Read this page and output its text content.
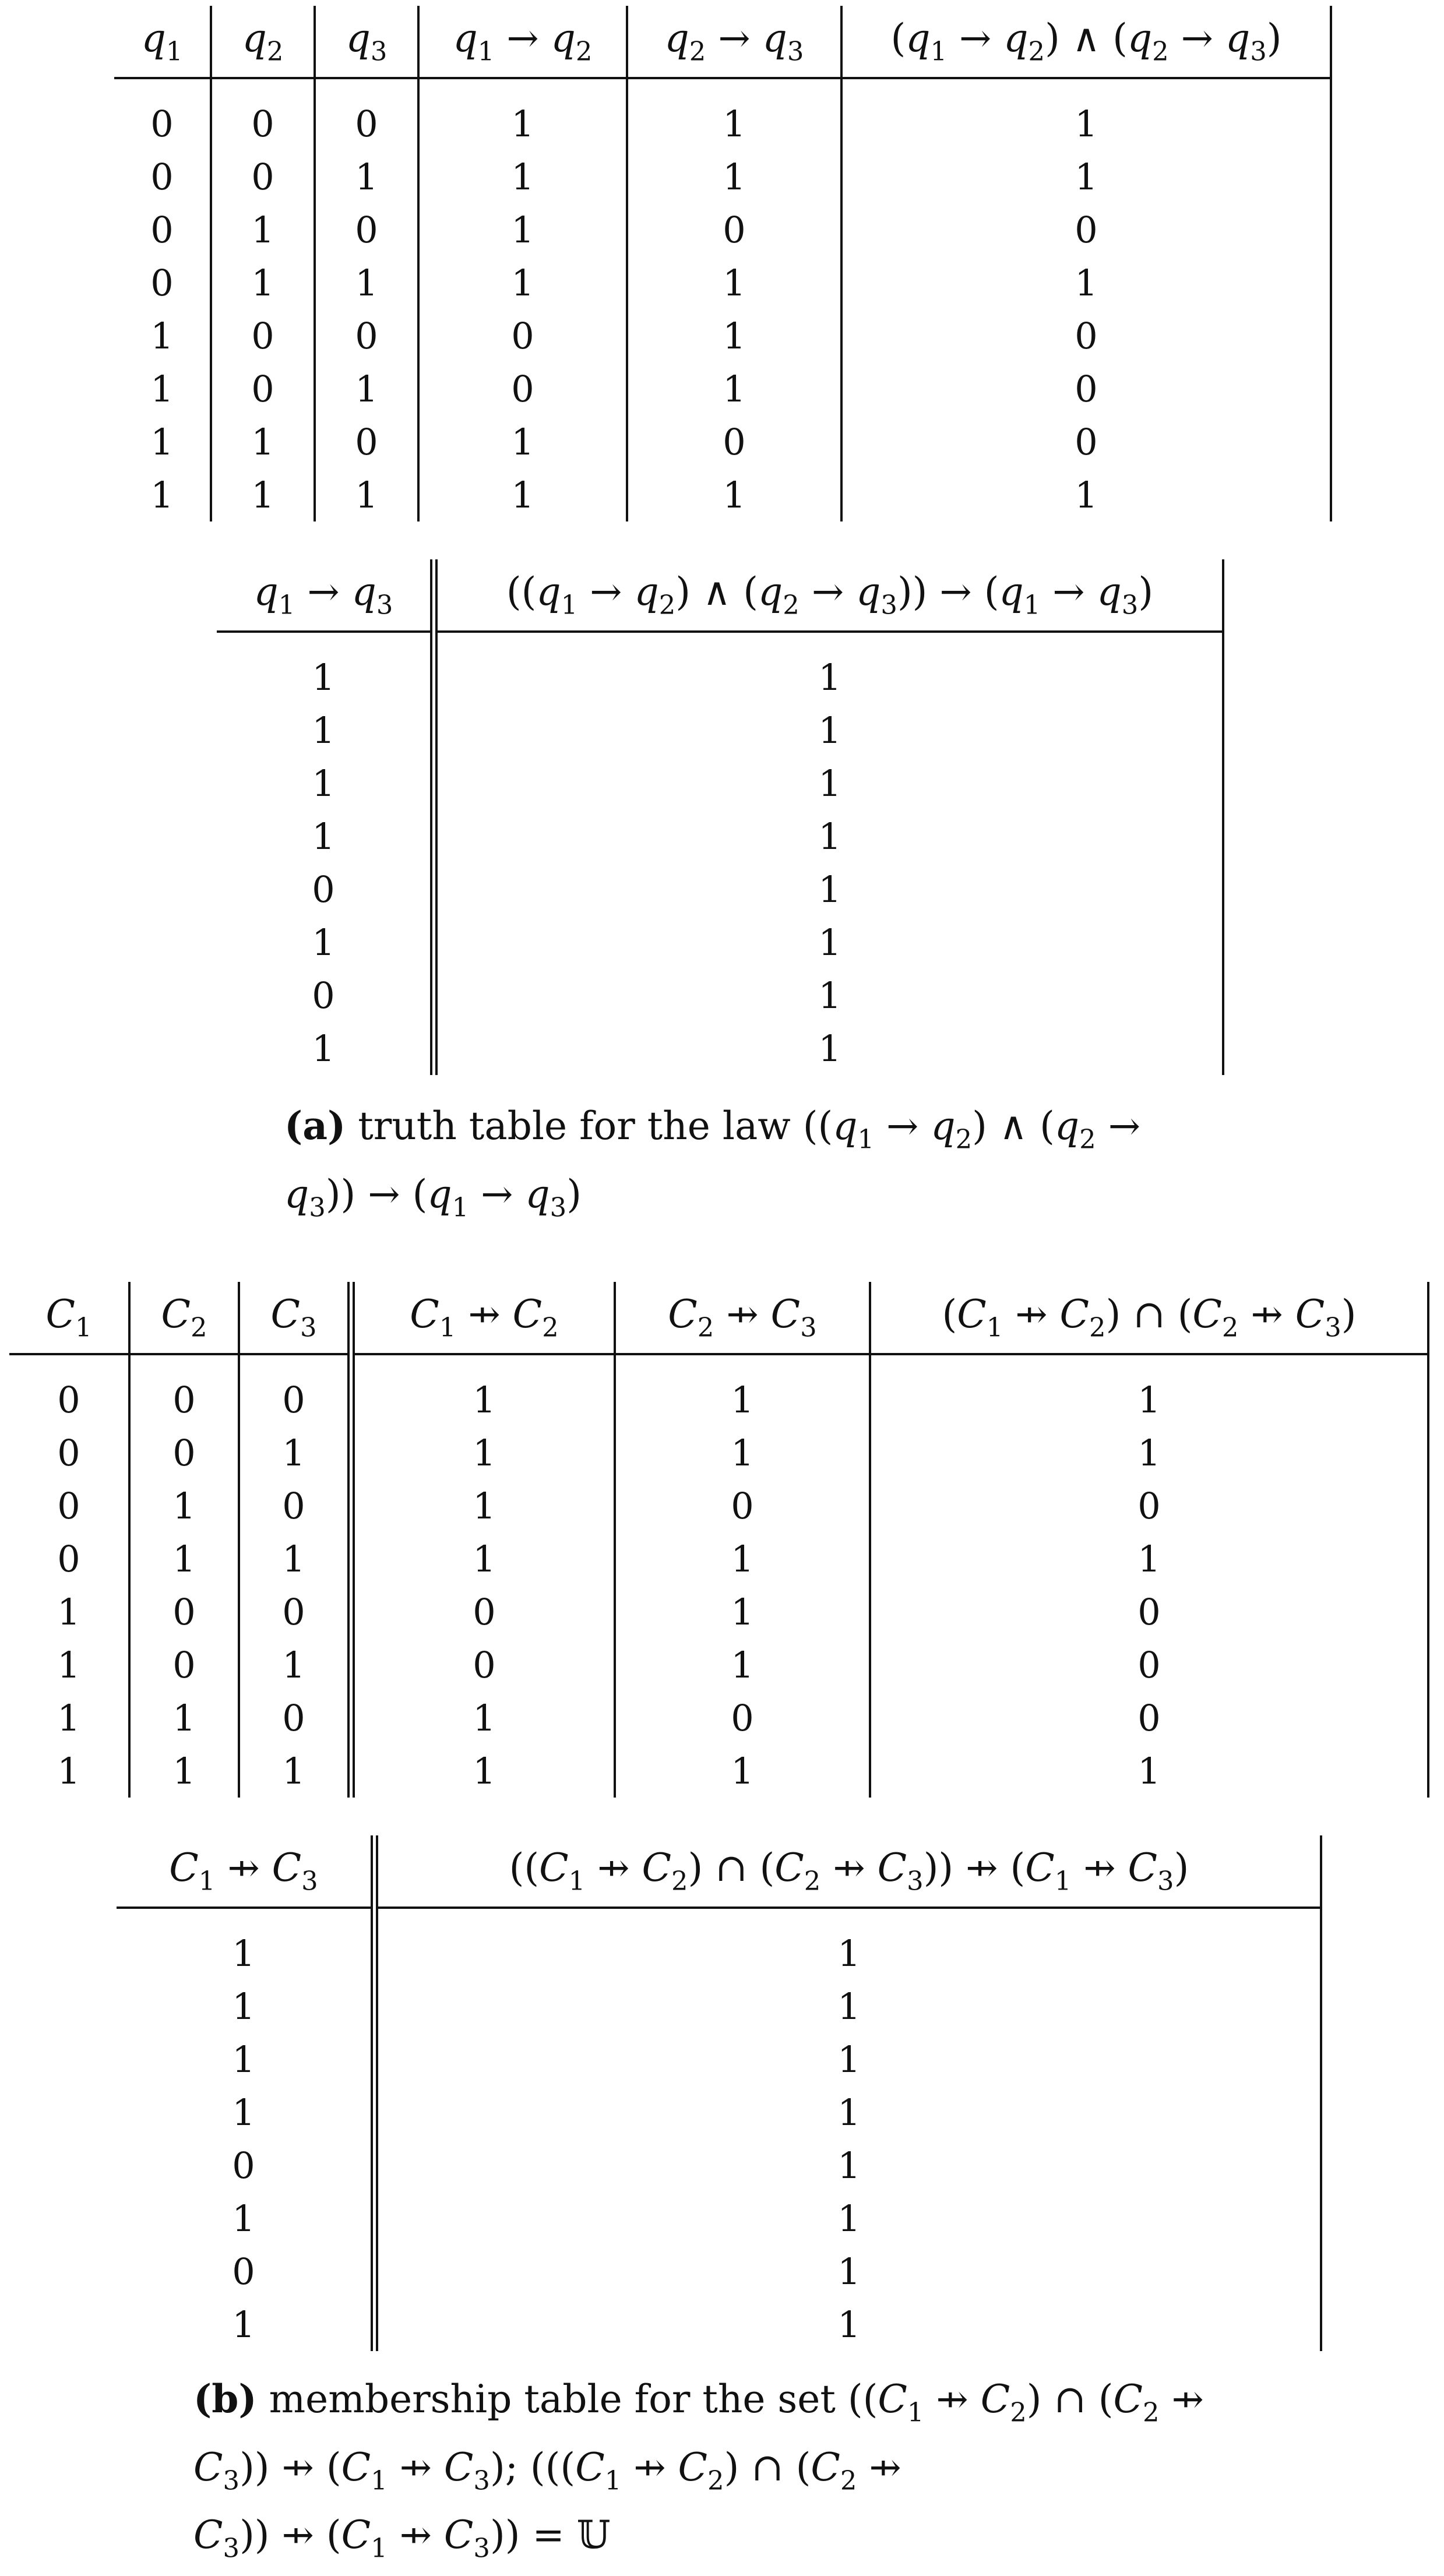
$q_1$	$q_2$	$q_3$	$q_1 \to q_2$	$q_2 \to q_3$	$(q_1 \to q_2)$ ∧ $(q_2 \to q_3)$
0	0	0	1	1	1
0	0	1	1	1	1
0	1	0	1	0	0
0	1	1	1	1	1
1	0	0	0	1	0
1	0	1	0	1	0
1	1	0	1	0	0
1	1	1	1	1	1
$q_1 \to q_3$	($(q_1 \to q_2)$ ∧ $(q_2 \to q_3)) \to (q_1 \to q_3)$
1	1
1	1
1	1
1	1
0	1
1	1
0	1
1	1
(a) truth table for the law ($(q_1 \to q_2)$ ∧ ($q_2$ →
$q_3)) \to (q_1 \to q_3)$
$C_1$	$C_2$	$C_3$	$C_1$ ⇸ $C_2$	$C_2$ ⇸ $C_3$	($C_1$ ⇸ $C_2$) ∩ ($C_2$ ⇸ $C_3$)
0	0	0	1	1	1
0	0	1	1	1	1
0	1	0	1	0	0
0	1	1	1	1	1
1	0	0	0	1	0
1	0	1	0	1	0
1	1	0	1	0	0
1	1	1	1	1	1
$C_1$ ⇸ $C_3$	(($C_1$ ⇸ $C_2$) ∩ ($C_2$ ⇸ $C_3$)) ⇸ ($C_1$ ⇸ $C_3$)
1	1
1	1
1	1
1	1
0	1
1	1
0	1
1	1
(b) membership table for the set (($C_1$ ⇸ $C_2$) ∩ ($C_2$ ⇸
$C_3$)) ⇸ ($C_1$ ⇸ $C_3$); ((($C_1$ ⇸ $C_2$) ∩ ($C_2$ ⇸
$C_3$)) ⇸ ($C_1$ ⇸ $C_3$)) = 𝕌
